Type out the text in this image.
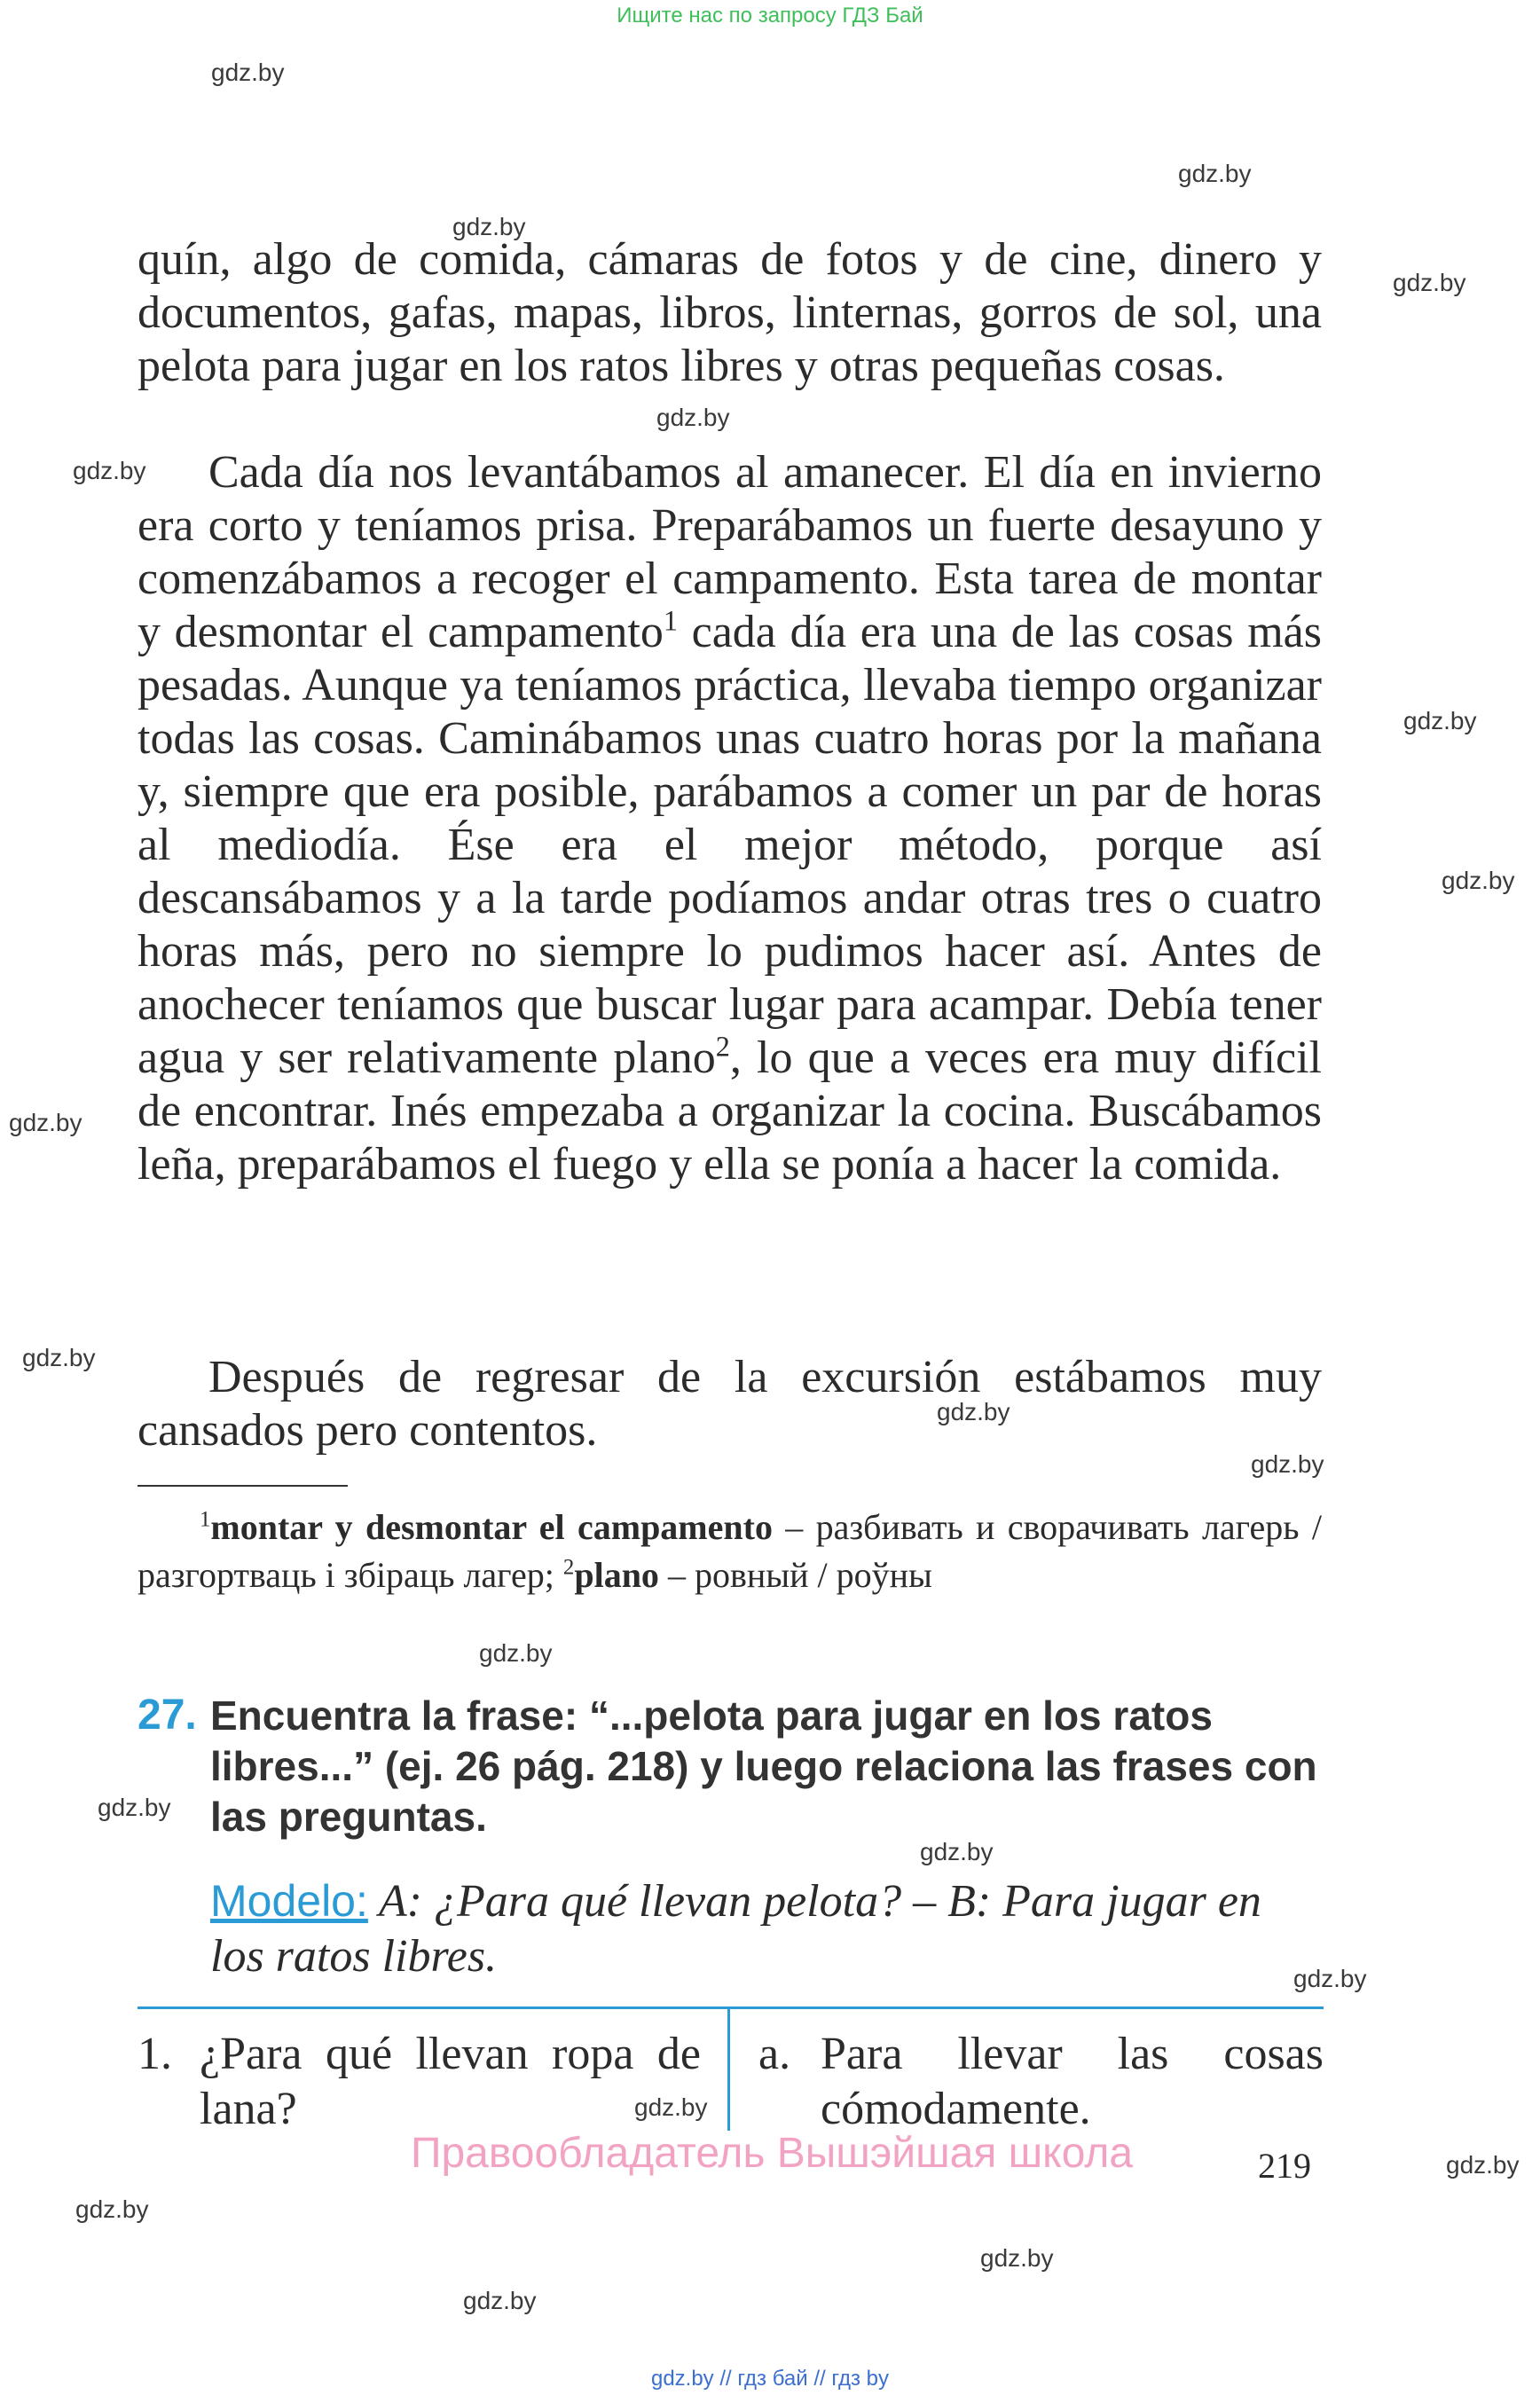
Ищите нас по запросу ГДЗ Бай
gdz.by
gdz.by
gdz.by
gdz.by
gdz.by
gdz.by
gdz.by
gdz.by
gdz.by
gdz.by
gdz.by
gdz.by
gdz.by
gdz.by
gdz.by
gdz.by
gdz.by
gdz.by
gdz.by
gdz.by
gdz.by
quín, algo de comida, cámaras de fotos y de cine, dinero y documentos, gafas, mapas, libros, linternas, gorros de sol, una pelota para jugar en los ratos libres y otras pequeñas cosas.
Cada día nos levantábamos al amanecer. El día en invierno era corto y teníamos prisa. Preparábamos un fuerte desayuno y comenzábamos a recoger el campamento. Esta tarea de montar y desmontar el campamento$^1$ cada día era una de las cosas más pesadas. Aunque ya teníamos práctica, llevaba tiempo organizar todas las cosas. Caminábamos unas cuatro horas por la mañana y, siempre que era posible, parábamos a comer un par de horas al mediodía. Ése era el mejor método, porque así descansábamos y a la tarde podíamos andar otras tres o cuatro horas más, pero no siempre lo pudimos hacer así. Antes de anochecer teníamos que buscar lugar para acampar. Debía tener agua y ser relativamente plano$^2$, lo que a veces era muy difícil de encontrar. Inés empezaba a organizar la cocina. Buscábamos leña, preparábamos el fuego y ella se ponía a hacer la comida.
Después de regresar de la excursión estábamos muy cansados pero contentos.
$^1$montar y desmontar el campamento – разбивать и сворачивать лагерь / разгортваць і збіраць лагер; $^2$plano – ровный / роўны
27. Encuentra la frase: “...pelota para jugar en los ratos libres...” (ej. 26 pág. 218) y luego relaciona las frases con las preguntas.
Modelo: A: ¿Para qué llevan pelota? – B: Para jugar en los ratos libres.
1. ¿Para qué llevan ropa de lana?
a. Para llevar las cosas cómodamente.
Правообладатель Вышэйшая школа	219
gdz.by // гдз бай // гдз by
